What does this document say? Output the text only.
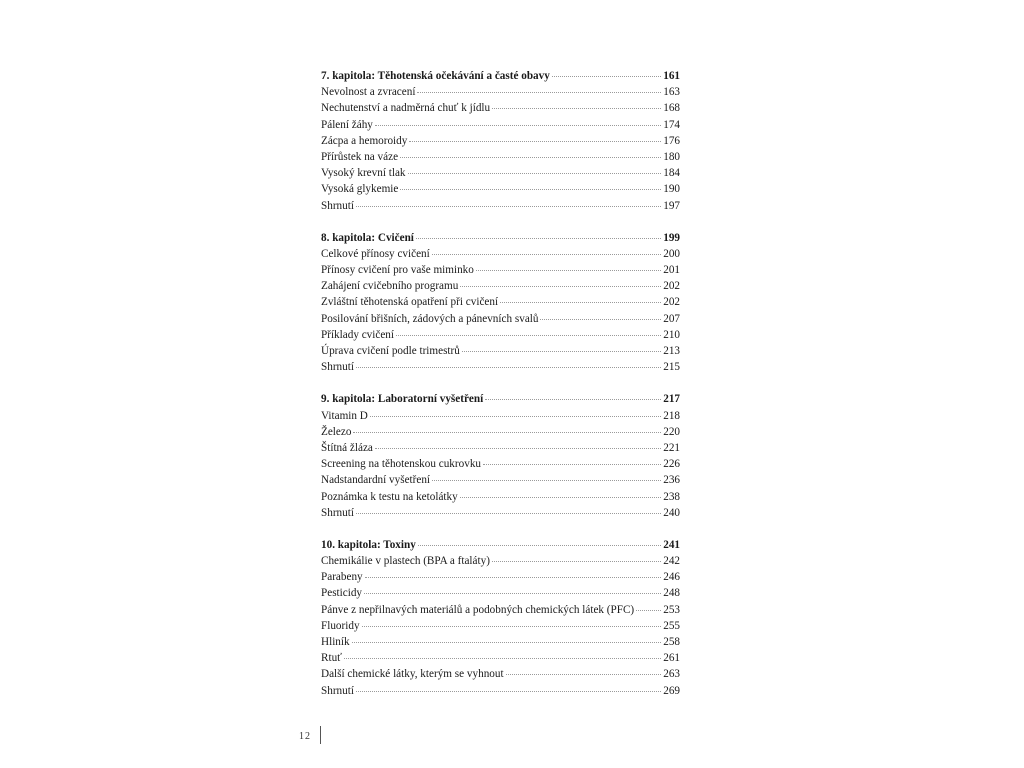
7. kapitola: Těhotenská očekávání a časté obavy	161
Nevolnost a zvracení	163
Nechutenství a nadměrná chuť k jídlu	168
Pálení žáhy	174
Zácpa a hemoroidy	176
Přírůstek na váze	180
Vysoký krevní tlak	184
Vysoká glykemie	190
Shrnutí	197
8. kapitola: Cvičení	199
Celkové přínosy cvičení	200
Přínosy cvičení pro vaše miminko	201
Zahájení cvičebního programu	202
Zvláštní těhotenská opatření při cvičení	202
Posilování břišních, zádových a pánevních svalů	207
Příklady cvičení	210
Úprava cvičení podle trimestrů	213
Shrnutí	215
9. kapitola: Laboratorní vyšetření	217
Vitamin D	218
Železo	220
Štítná žláza	221
Screening na těhotenskou cukrovku	226
Nadstandardní vyšetření	236
Poznámka k testu na ketolátky	238
Shrnutí	240
10. kapitola: Toxiny	241
Chemikálie v plastech (BPA a ftaláty)	242
Parabeny	246
Pesticidy	248
Pánve z nepřilnavých materiálů a podobných chemických látek (PFC)	253
Fluoridy	255
Hliník	258
Rtuť	261
Další chemické látky, kterým se vyhnout	263
Shrnutí	269
12
